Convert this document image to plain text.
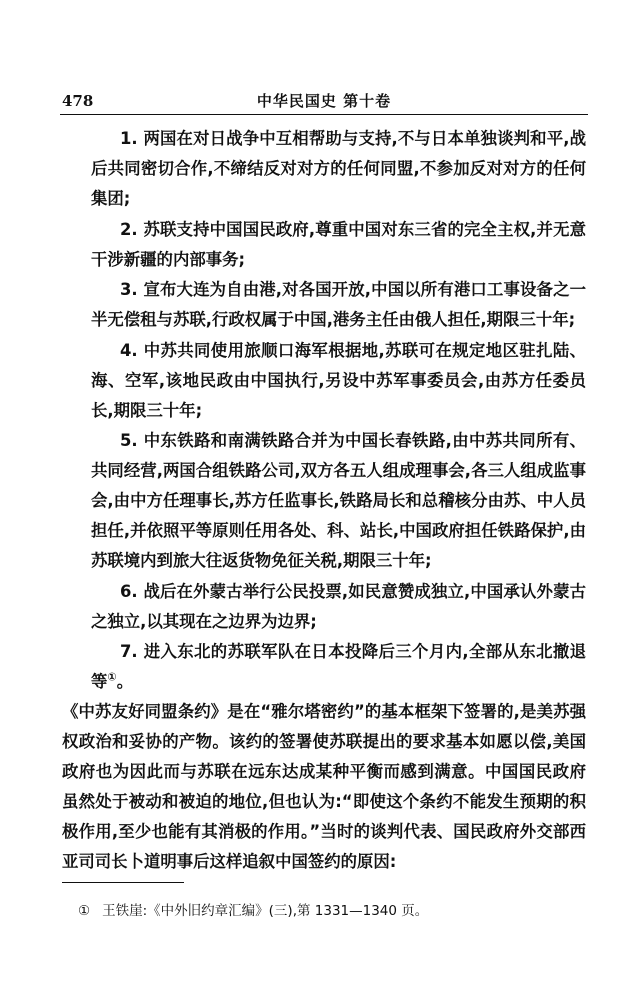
478	中华民国史 第十卷

1. 两国在对日战争中互相帮助与支持,不与日本单独谈判和平,战后共同密切合作,不缔结反对对方的任何同盟,不参加反对对方的任何集团;

2. 苏联支持中国国民政府,尊重中国对东三省的完全主权,并无意干涉新疆的内部事务;

3. 宣布大连为自由港,对各国开放,中国以所有港口工事设备之一半无偿租与苏联,行政权属于中国,港务主任由俄人担任,期限三十年;

4. 中苏共同使用旅顺口海军根据地,苏联可在规定地区驻扎陆、海、空军,该地民政由中国执行,另设中苏军事委员会,由苏方任委员长,期限三十年;

5. 中东铁路和南满铁路合并为中国长春铁路,由中苏共同所有、共同经营,两国合组铁路公司,双方各五人组成理事会,各三人组成监事会,由中方任理事长,苏方任监事长,铁路局长和总稽核分由苏、中人员担任,并依照平等原则任用各处、科、站长,中国政府担任铁路保护,由苏联境内到旅大往返货物免征关税,期限三十年;

6. 战后在外蒙古举行公民投票,如民意赞成独立,中国承认外蒙古之独立,以其现在之边界为边界;

7. 进入东北的苏联军队在日本投降后三个月内,全部从东北撤退等①。

《中苏友好同盟条约》是在“雅尔塔密约”的基本框架下签署的,是美苏强权政治和妥协的产物。该约的签署使苏联提出的要求基本如愿以偿,美国政府也为因此而与苏联在远东达成某种平衡而感到满意。中国国民政府虽然处于被动和被迫的地位,但也认为:“即使这个条约不能发生预期的积极作用,至少也能有其消极的作用。”当时的谈判代表、国民政府外交部西亚司司长卜道明事后这样追叙中国签约的原因:

① 王铁崖:《中外旧约章汇编》(三),第 1331—1340 页。
